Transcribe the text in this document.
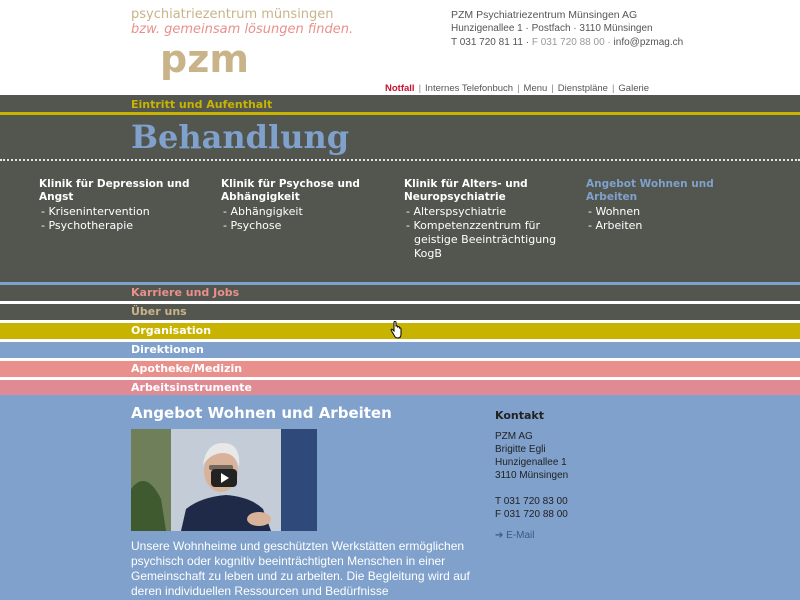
psychiatriezentrum münsingen
bzw. gemeinsam lösungen finden.
pzm
PZM Psychiatriezentrum Münsingen AG
Hunzigenallee 1 · Postfach · 3110 Münsingen
T 031 720 81 11 · F 031 720 88 00 · info@pzmag.ch
Notfall | Internes Telefonbuch | Menu | Dienstpläne | Galerie
Eintritt und Aufenthalt
Behandlung
Klinik für Depression und Angst
- Krisenintervention
- Psychotherapie
Klinik für Psychose und Abhängigkeit
- Abhängigkeit
- Psychose
Klinik für Alters- und Neuropsychiatrie
- Alterspsychiatrie
- Kompetenzzentrum für geistige Beeinträchtigung KogB
Angebot Wohnen und Arbeiten
- Wohnen
- Arbeiten
Karriere und Jobs
Über uns
Organisation
Direktionen
Apotheke/Medizin
Arbeitsinstrumente
Angebot Wohnen und Arbeiten
Unsere Wohnheime und geschützten Werkstätten ermöglichen psychisch oder kognitiv beeinträchtigten Menschen in einer Gemeinschaft zu leben und zu arbeiten. Die Begleitung wird auf deren individuellen Ressourcen und Bedürfnisse
Kontakt
PZM AG
Brigitte Egli
Hunzigenallee 1
3110 Münsingen
T 031 720 83 00
F 031 720 88 00
➔ E-Mail
